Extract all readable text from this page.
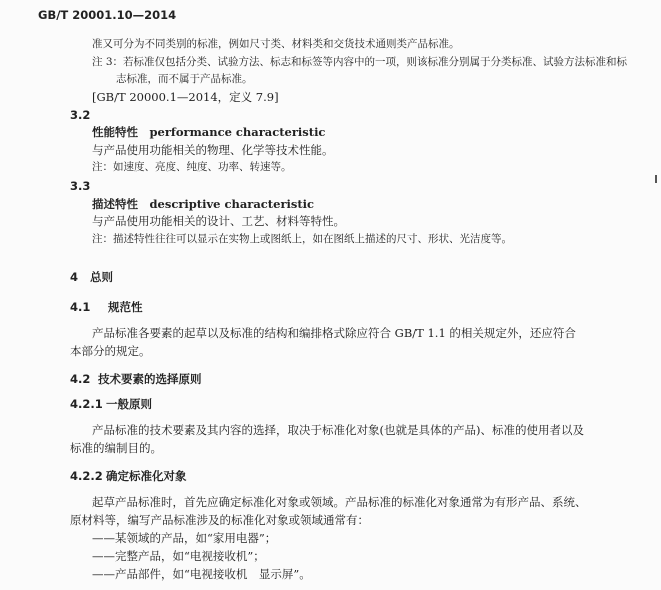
GB/T 20001.10—2014
准又可分为不同类别的标准，例如尺寸类、材料类和交货技术通则类产品标准。
注 3：若标准仅包括分类、试验方法、标志和标签等内容中的一项，则该标准分别属于分类标准、试验方法标准和标
志标准，而不属于产品标准。
[GB/T 20000.1—2014，定义 7.9]
3.2
性能特性　performance characteristic
与产品使用功能相关的物理、化学等技术性能。
注：如速度、亮度、纯度、功率、转速等。
3.3
描述特性　descriptive characteristic
与产品使用功能相关的设计、工艺、材料等特性。
注：描述特性往往可以显示在实物上或图纸上，如在图纸上描述的尺寸、形状、光洁度等。
4 总则
4.1 规范性
产品标准各要素的起草以及标准的结构和编排格式除应符合 GB/T 1.1 的相关规定外，还应符合
本部分的规定。
4.2 技术要素的选择原则
4.2.1 一般原则
产品标准的技术要素及其内容的选择，取决于标准化对象(也就是具体的产品)、标准的使用者以及
标准的编制目的。
4.2.2 确定标准化对象
起草产品标准时，首先应确定标准化对象或领域。产品标准的标准化对象通常为有形产品、系统、
原材料等，编写产品标准涉及的标准化对象或领域通常有：
——某领域的产品，如“家用电器”；
——完整产品，如“电视接收机”；
——产品部件，如“电视接收机　显示屏”。
